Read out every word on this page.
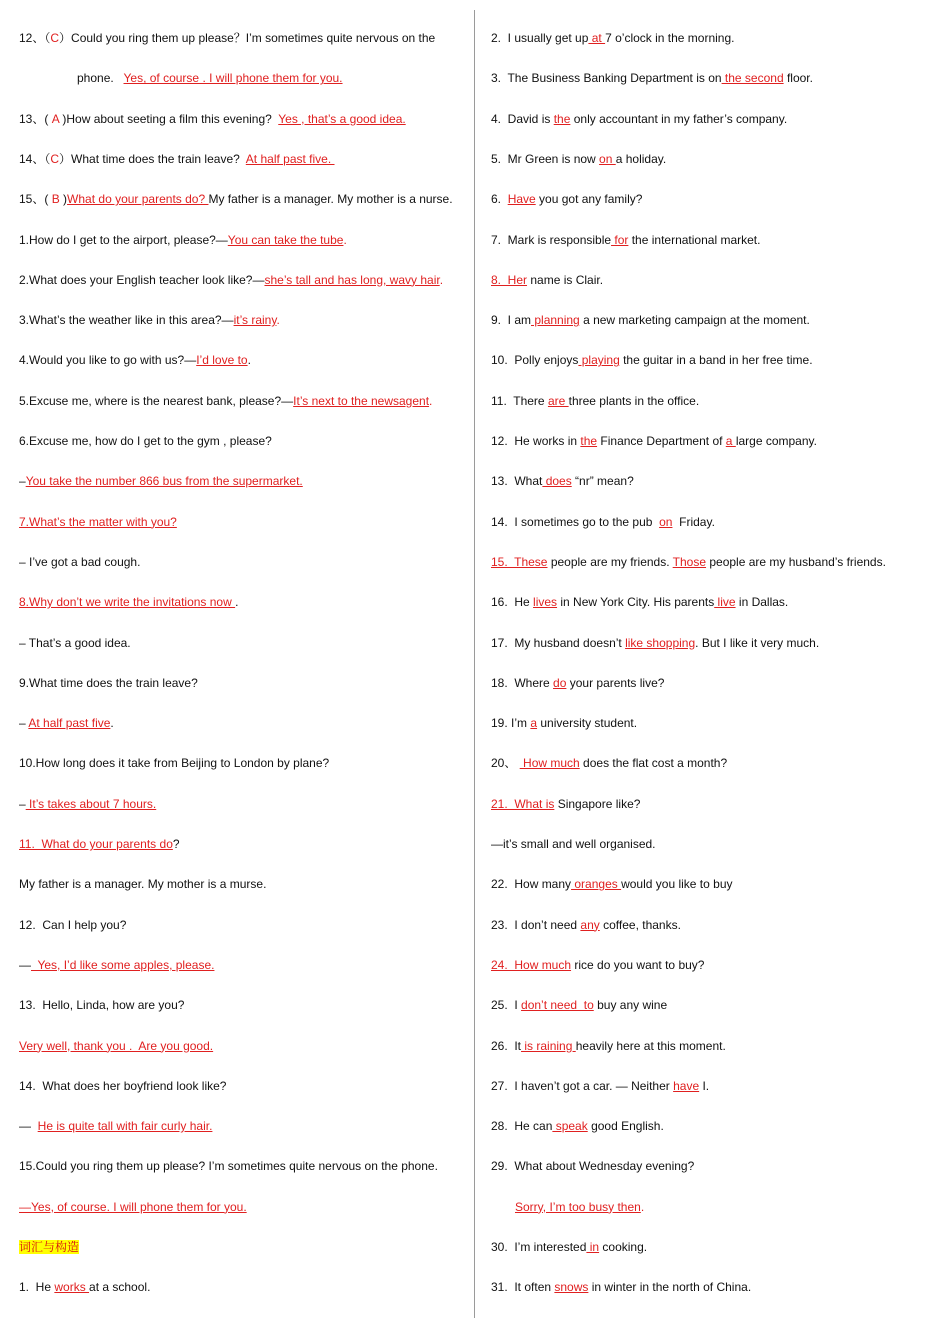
12、（C）Could you ring them up please？I’m sometimes quite nervous on the
phone.   Yes, of course . I will phone them for you.
13、( A )How about seeting a film this evening?  Yes , that’s a good idea.
14、（C）What time does the train leave?  At half past five.
15、( B )What do your parents do? My father is a manager. My mother is a nurse.
1.How do I get to the airport, please?—You can take the tube.
2.What does your English teacher look like?—she’s tall and has long, wavy hair.
3.What’s the weather like in this area?—it’s rainy.
4.Would you like to go with us?—I’d love to.
5.Excuse me, where is the nearest bank, please?—It’s next to the newsagent.
6.Excuse me, how do I get to the gym , please?
–You take the number 866 bus from the supermarket.
7.What’s the matter with you?
– I’ve got a bad cough.
8.Why don’t we write the invitations now .
– That’s a good idea.
9.What time does the train leave?
– At half past five.
10.How long does it take from Beijing to London by plane?
– It’s takes about 7 hours.
11.  What do your parents do?
My father is a manager. My mother is a murse.
12.  Can I help you?
—  Yes, I’d like some apples, please.
13.  Hello, Linda, how are you?
Very well, thank you .  Are you good.
14.  What does her boyfriend look like?
—  He is quite tall with fair curly hair.
15.Could you ring them up please? I’m sometimes quite nervous on the phone.
—Yes, of course. I will phone them for you.
词汇与构造
1.  He works at a school.
2.  I usually get up at 7 o’clock in the morning.
3.  The Business Banking Department is on the second floor.
4.  David is the only accountant in my father’s company.
5.  Mr Green is now on a holiday.
6.  Have you got any family?
7.  Mark is responsible for the international market.
8.  Her name is Clair.
9.  I am planning a new marketing campaign at the moment.
10.  Polly enjoys playing the guitar in a band in her free time.
11.  There are three plants in the office.
12.  He works in the Finance Department of a large company.
13.  What does “nr” mean?
14.  I sometimes go to the pub  on  Friday.
15.  These people are my friends. Those people are my husband’s friends.
16.  He lives in New York City. His parents live in Dallas.
17.  My husband doesn’t like shopping. But I like it very much.
18.  Where do your parents live?
19. I’m a university student.
20、  How much does the flat cost a month?
21.  What is Singapore like?
—it’s small and well organised.
22.  How many oranges would you like to buy
23.  I don’t need any coffee, thanks.
24.  How much rice do you want to buy?
25.  I don’t need  to buy any wine
26.  It is raining heavily here at this moment.
27.  I haven’t got a car. — Neither have I.
28.  He can speak good English.
29.  What about Wednesday evening?
Sorry, I’m too busy then.
30.  I’m interested in cooking.
31.  It often snows in winter in the north of China.
